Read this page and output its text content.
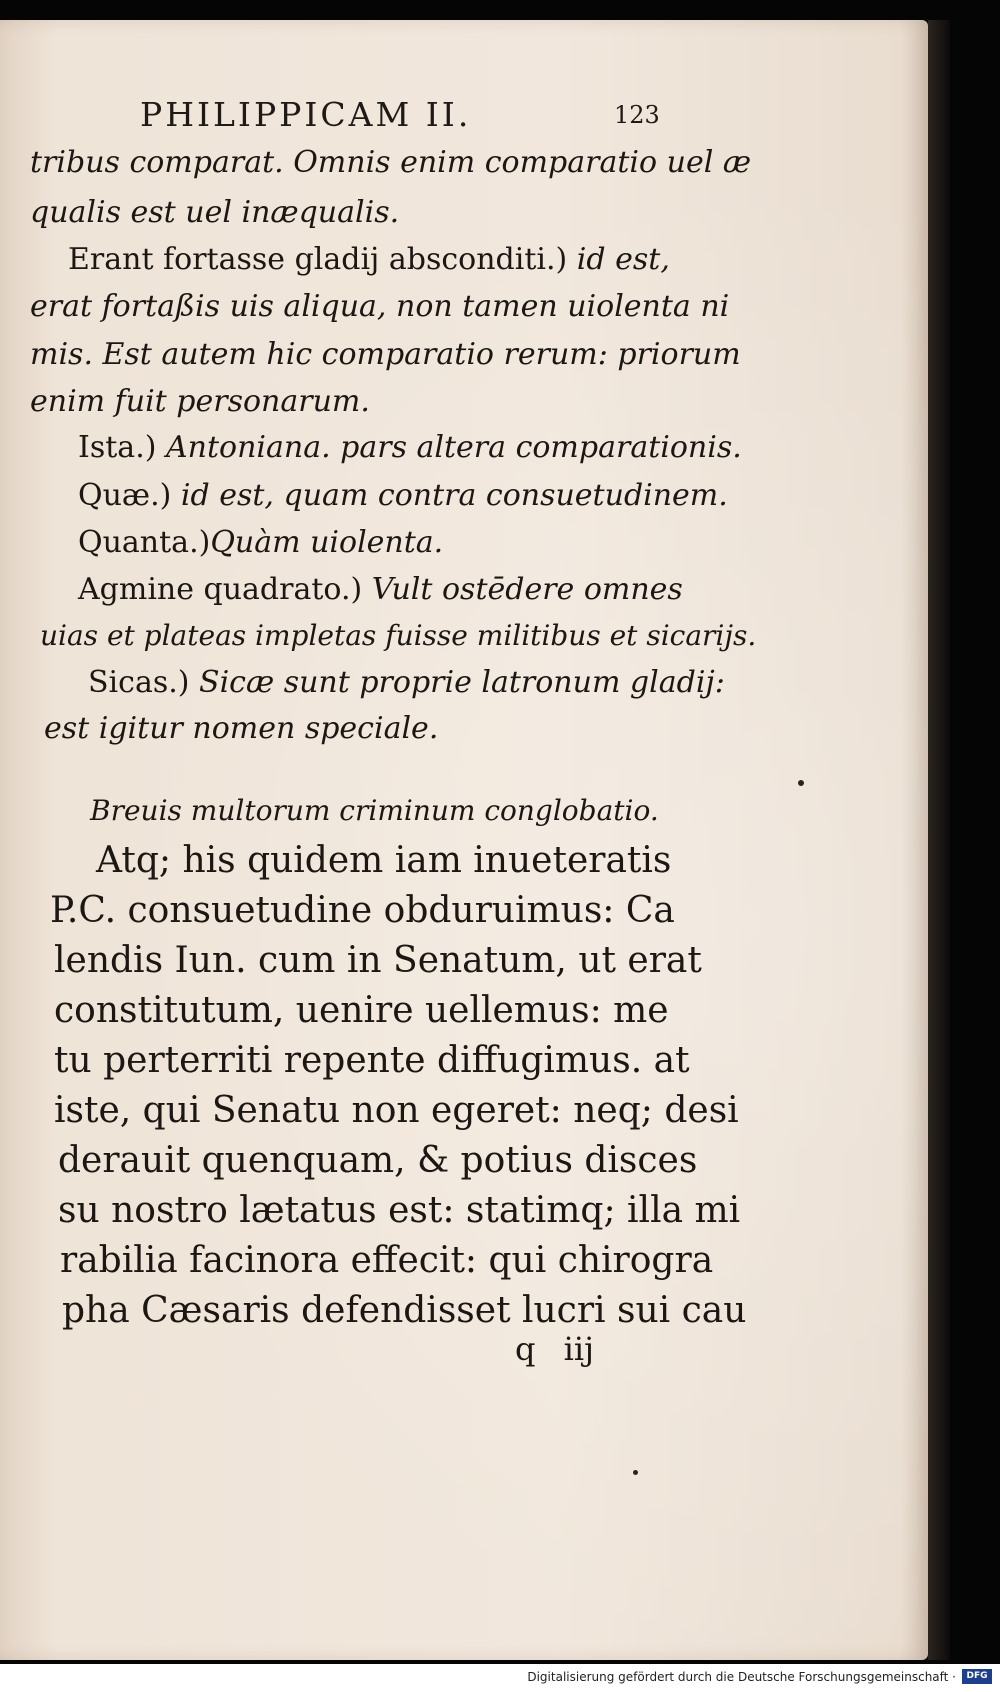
PHILIPPICAM II.	123
tribus comparat. Omnis enim comparatio uel æ
qualis est uel inæqualis.
Erant fortasse gladij absconditi.) id est,
erat fortaßis uis aliqua, non tamen uiolenta ni
mis. Est autem hic comparatio rerum: priorum
enim fuit personarum.
Ista.) Antoniana. pars altera comparationis.
Quæ.) id est, quam contra consuetudinem.
Quanta.)Quàm uiolenta.
Agmine quadrato.) Vult ostēdere omnes
uias et plateas impletas fuisse militibus et sicarijs.
Sicas.) Sicæ sunt proprie latronum gladij:
est igitur nomen speciale.
Breuis multorum criminum conglobatio.
Atq; his quidem iam inueteratis
P.C. consuetudine obduruimus: Ca
lendis Iun. cum in Senatum, ut erat
constitutum, uenire uellemus: me
tu perterriti repente diffugimus. at
iste, qui Senatu non egeret: neq; desi
derauit quenquam, & potius disces
su nostro lætatus est: statimq; illa mi
rabilia facinora effecit: qui chirogra
pha Cæsaris defendisset lucri sui cau
q iij
Digitalisierung gefördert durch die Deutsche Forschungsgemeinschaft ·	DFG
